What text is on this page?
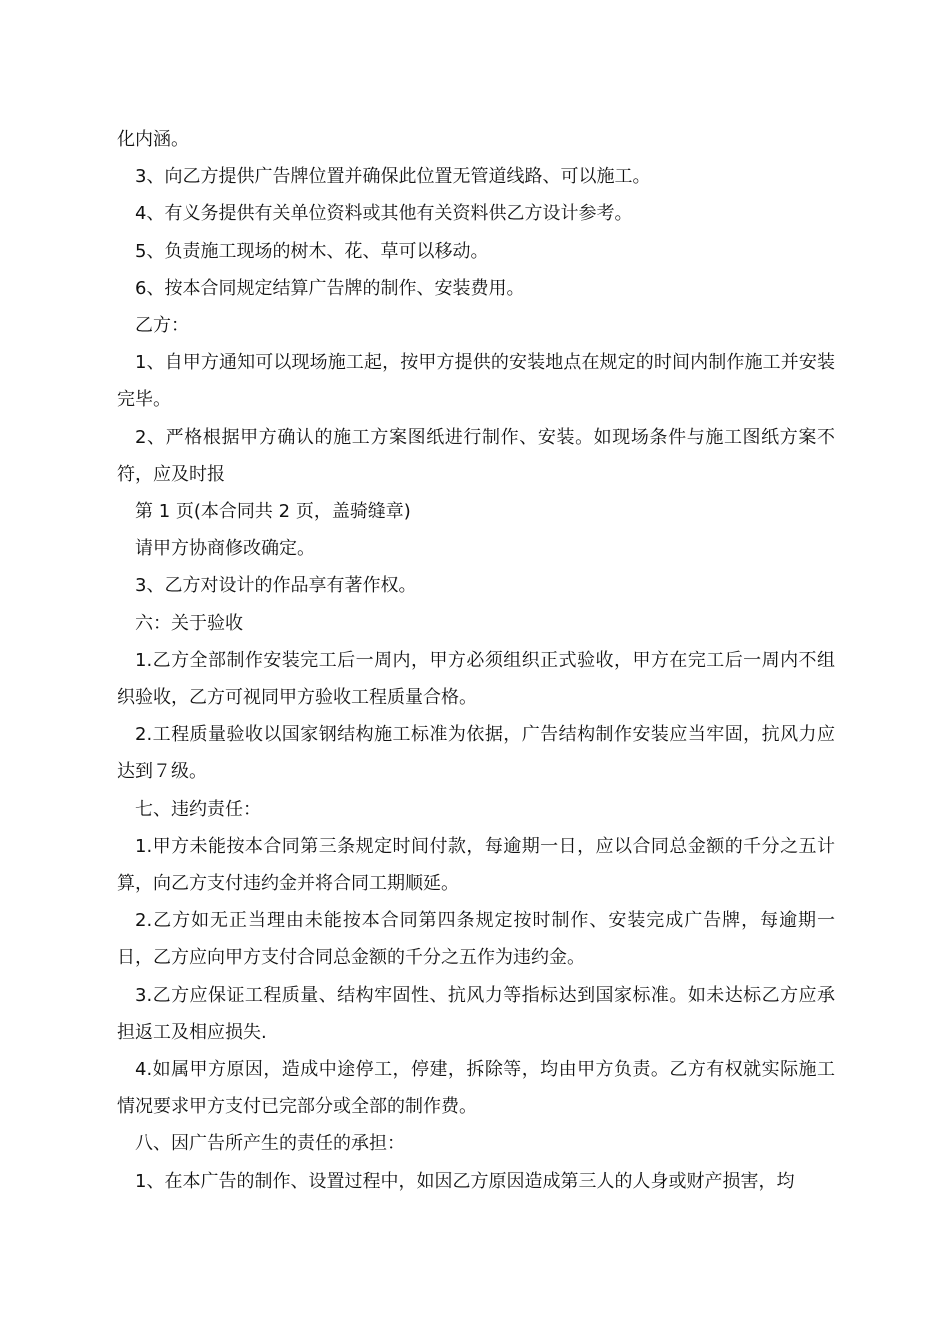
化内涵。

3、向乙方提供广告牌位置并确保此位置无管道线路、可以施工。

4、有义务提供有关单位资料或其他有关资料供乙方设计参考。

5、负责施工现场的树木、花、草可以移动。

6、按本合同规定结算广告牌的制作、安装费用。

乙方：

1、自甲方通知可以现场施工起，按甲方提供的安装地点在规定的时间内制作施工并安装完毕。

2、严格根据甲方确认的施工方案图纸进行制作、安装。如现场条件与施工图纸方案不符，应及时报

第 1 页(本合同共 2 页，盖骑缝章)

请甲方协商修改确定。

3、乙方对设计的作品享有著作权。

六：关于验收

1.乙方全部制作安装完工后一周内，甲方必须组织正式验收，甲方在完工后一周内不组织验收，乙方可视同甲方验收工程质量合格。

2.工程质量验收以国家钢结构施工标准为依据，广告结构制作安装应当牢固，抗风力应达到７级。

七、违约责任：

1.甲方未能按本合同第三条规定时间付款，每逾期一日，应以合同总金额的千分之五计算，向乙方支付违约金并将合同工期顺延。

2.乙方如无正当理由未能按本合同第四条规定按时制作、安装完成广告牌，每逾期一日，乙方应向甲方支付合同总金额的千分之五作为违约金。

3.乙方应保证工程质量、结构牢固性、抗风力等指标达到国家标准。如未达标乙方应承担返工及相应损失.

4.如属甲方原因，造成中途停工，停建，拆除等，均由甲方负责。乙方有权就实际施工情况要求甲方支付已完部分或全部的制作费。

八、因广告所产生的责任的承担：

1、在本广告的制作、设置过程中，如因乙方原因造成第三人的人身或财产损害，均
